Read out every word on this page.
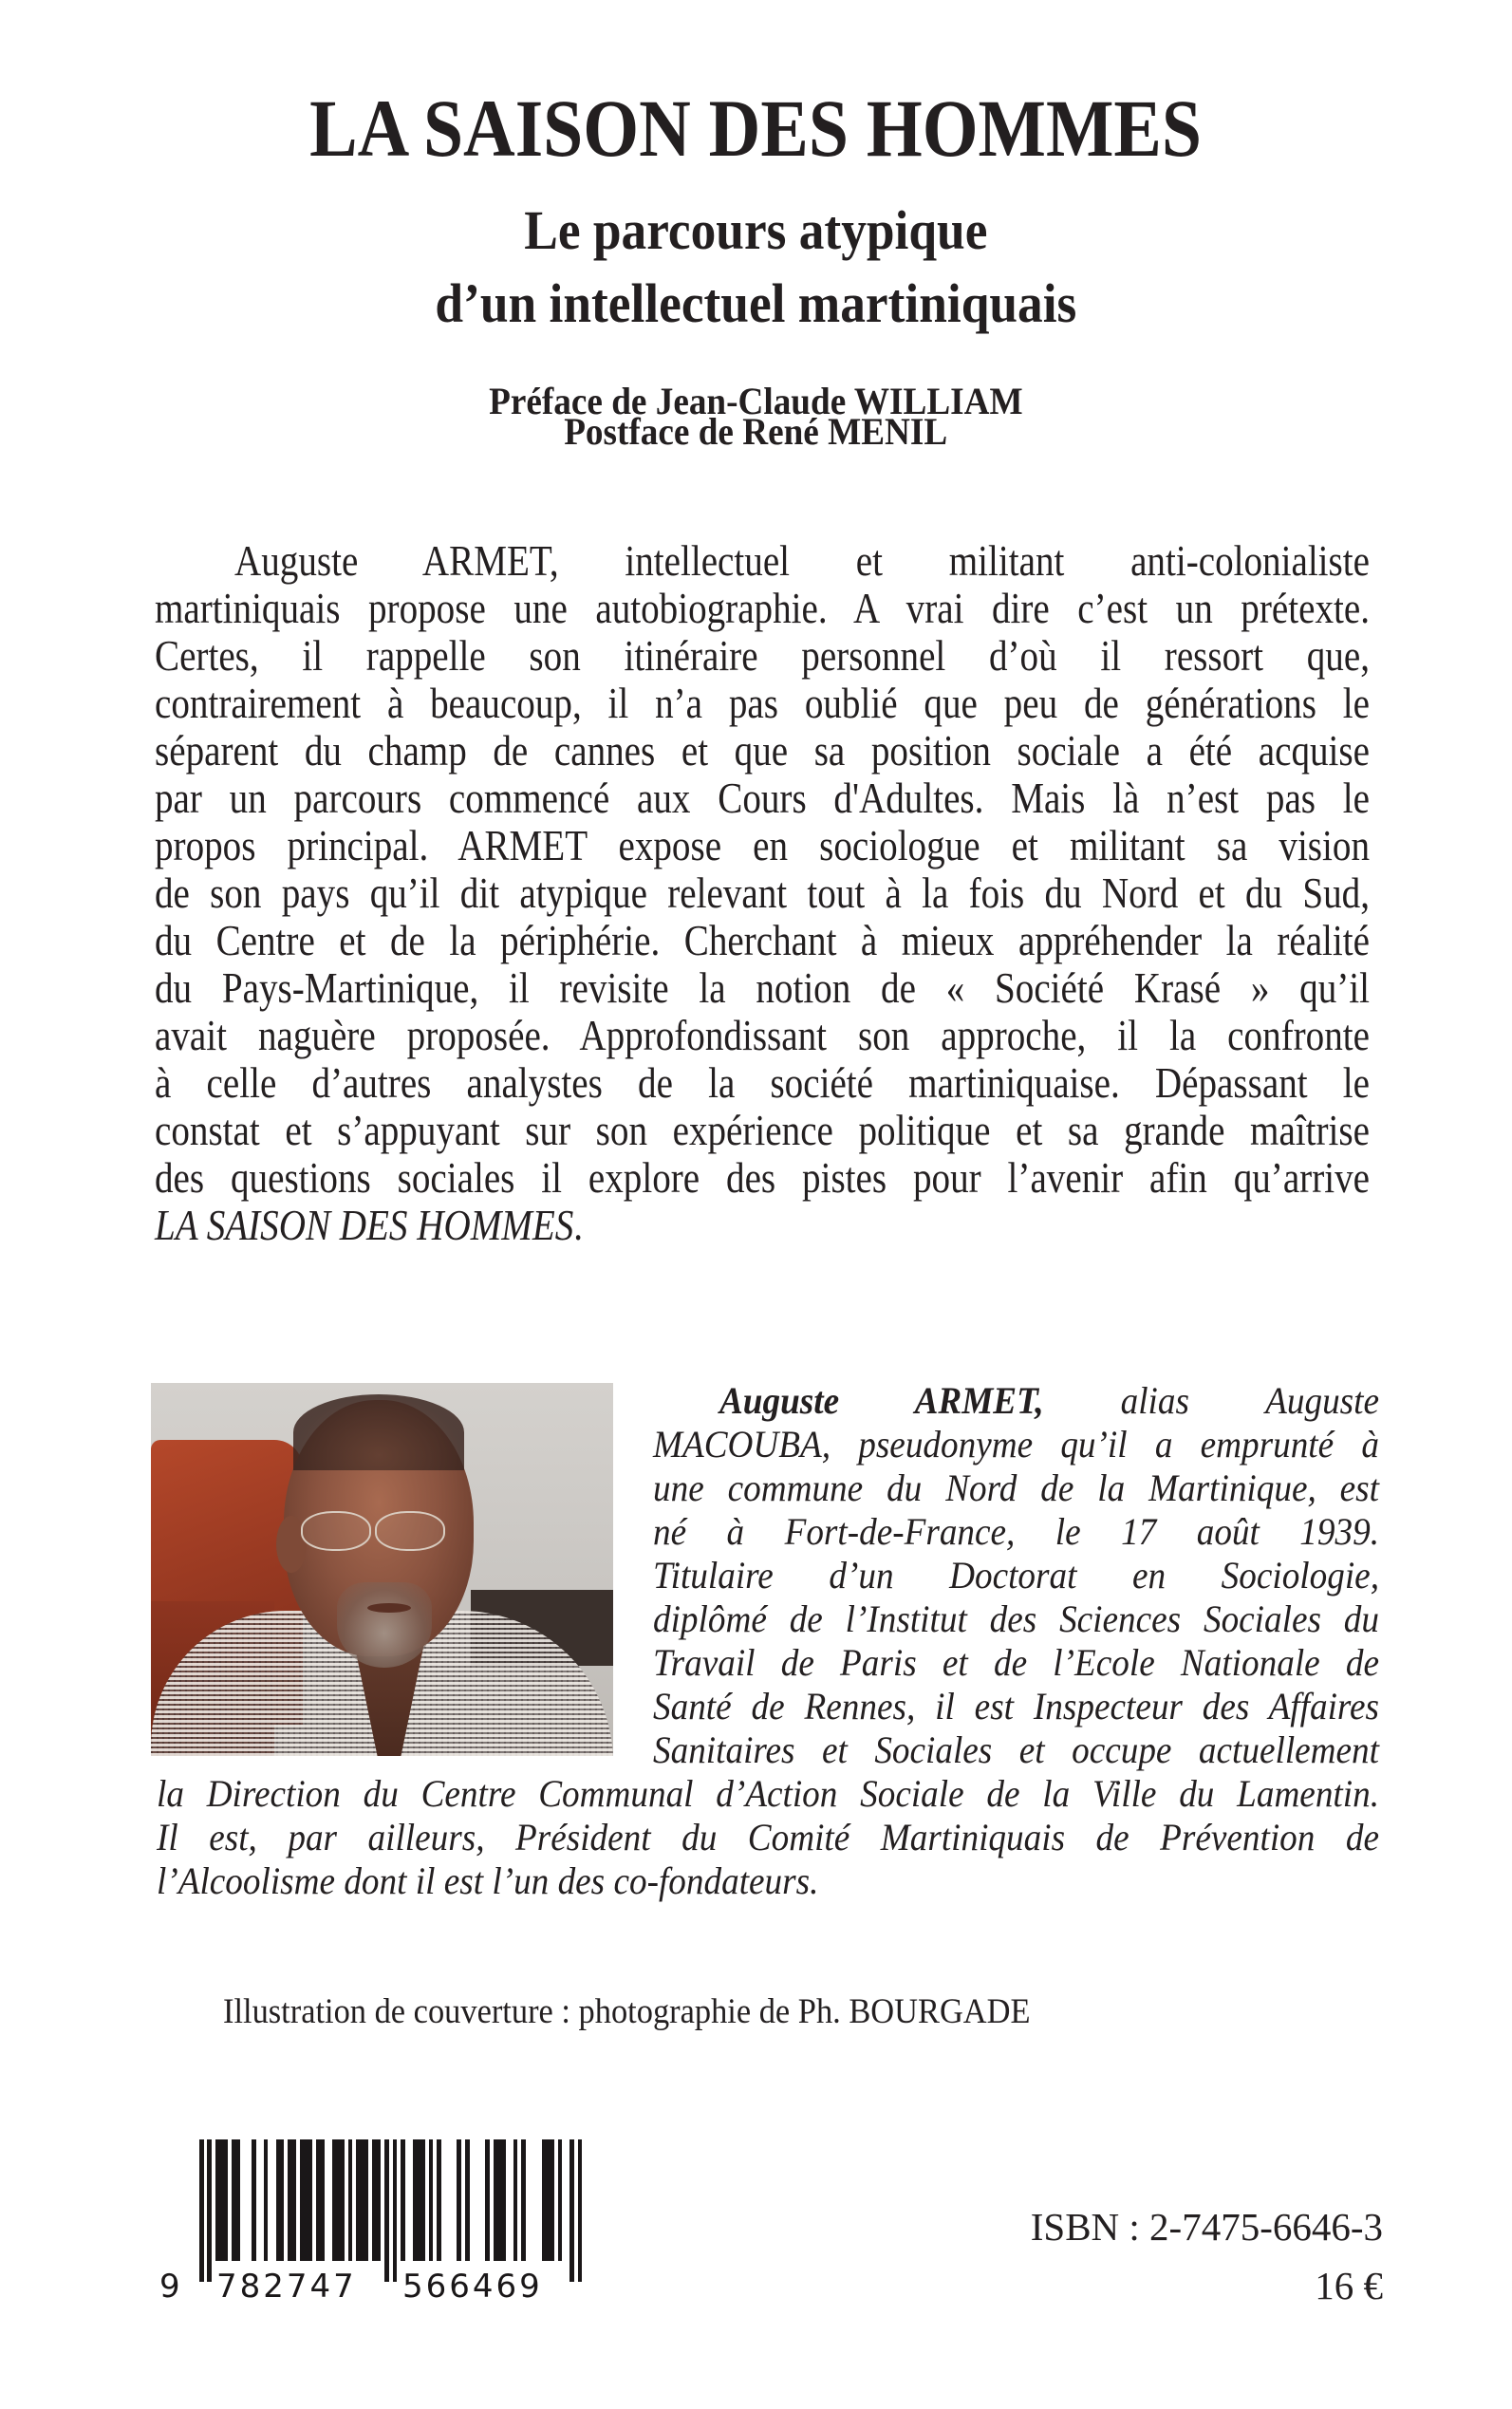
LA SAISON DES HOMMES
Le parcours atypique
d’un intellectuel martiniquais
Préface de Jean-Claude WILLIAM
Postface de René MENIL
Auguste ARMET, intellectuel et militant anti-colonialiste
martiniquais propose une autobiographie. A vrai dire c’est un prétexte.
Certes, il rappelle son itinéraire personnel d’où il ressort que,
contrairement à beaucoup, il n’a pas oublié que peu de générations le
séparent du champ de cannes et que sa position sociale a été acquise
par un parcours commencé aux Cours d'Adultes. Mais là n’est pas le
propos principal. ARMET expose en sociologue et militant sa vision
de son pays qu’il dit atypique relevant tout à la fois du Nord et du Sud,
du Centre et de la périphérie. Cherchant à mieux appréhender la réalité
du Pays-Martinique, il revisite la notion de « Société Krasé » qu’il
avait naguère proposée. Approfondissant son approche, il la confronte
à celle d’autres analystes de la société martiniquaise. Dépassant le
constat et s’appuyant sur son expérience politique et sa grande maîtrise
des questions sociales il explore des pistes pour l’avenir afin qu’arrive
LA SAISON DES HOMMES.
Auguste ARMET, alias Auguste
MACOUBA, pseudonyme qu’il a emprunté à
une commune du Nord de la Martinique, est
né à Fort-de-France, le 17 août 1939.
Titulaire d’un Doctorat en Sociologie,
diplômé de l’Institut des Sciences Sociales du
Travail de Paris et de l’Ecole Nationale de
Santé de Rennes, il est Inspecteur des Affaires
Sanitaires et Sociales et occupe actuellement
la Direction du Centre Communal d’Action Sociale de la Ville du Lamentin.
Il est, par ailleurs, Président du Comité Martiniquais de Prévention de
l’Alcoolisme dont il est l’un des co-fondateurs.
Illustration de couverture : photographie de Ph. BOURGADE
9 782747 566469
ISBN : 2-7475-6646-3
16 €
